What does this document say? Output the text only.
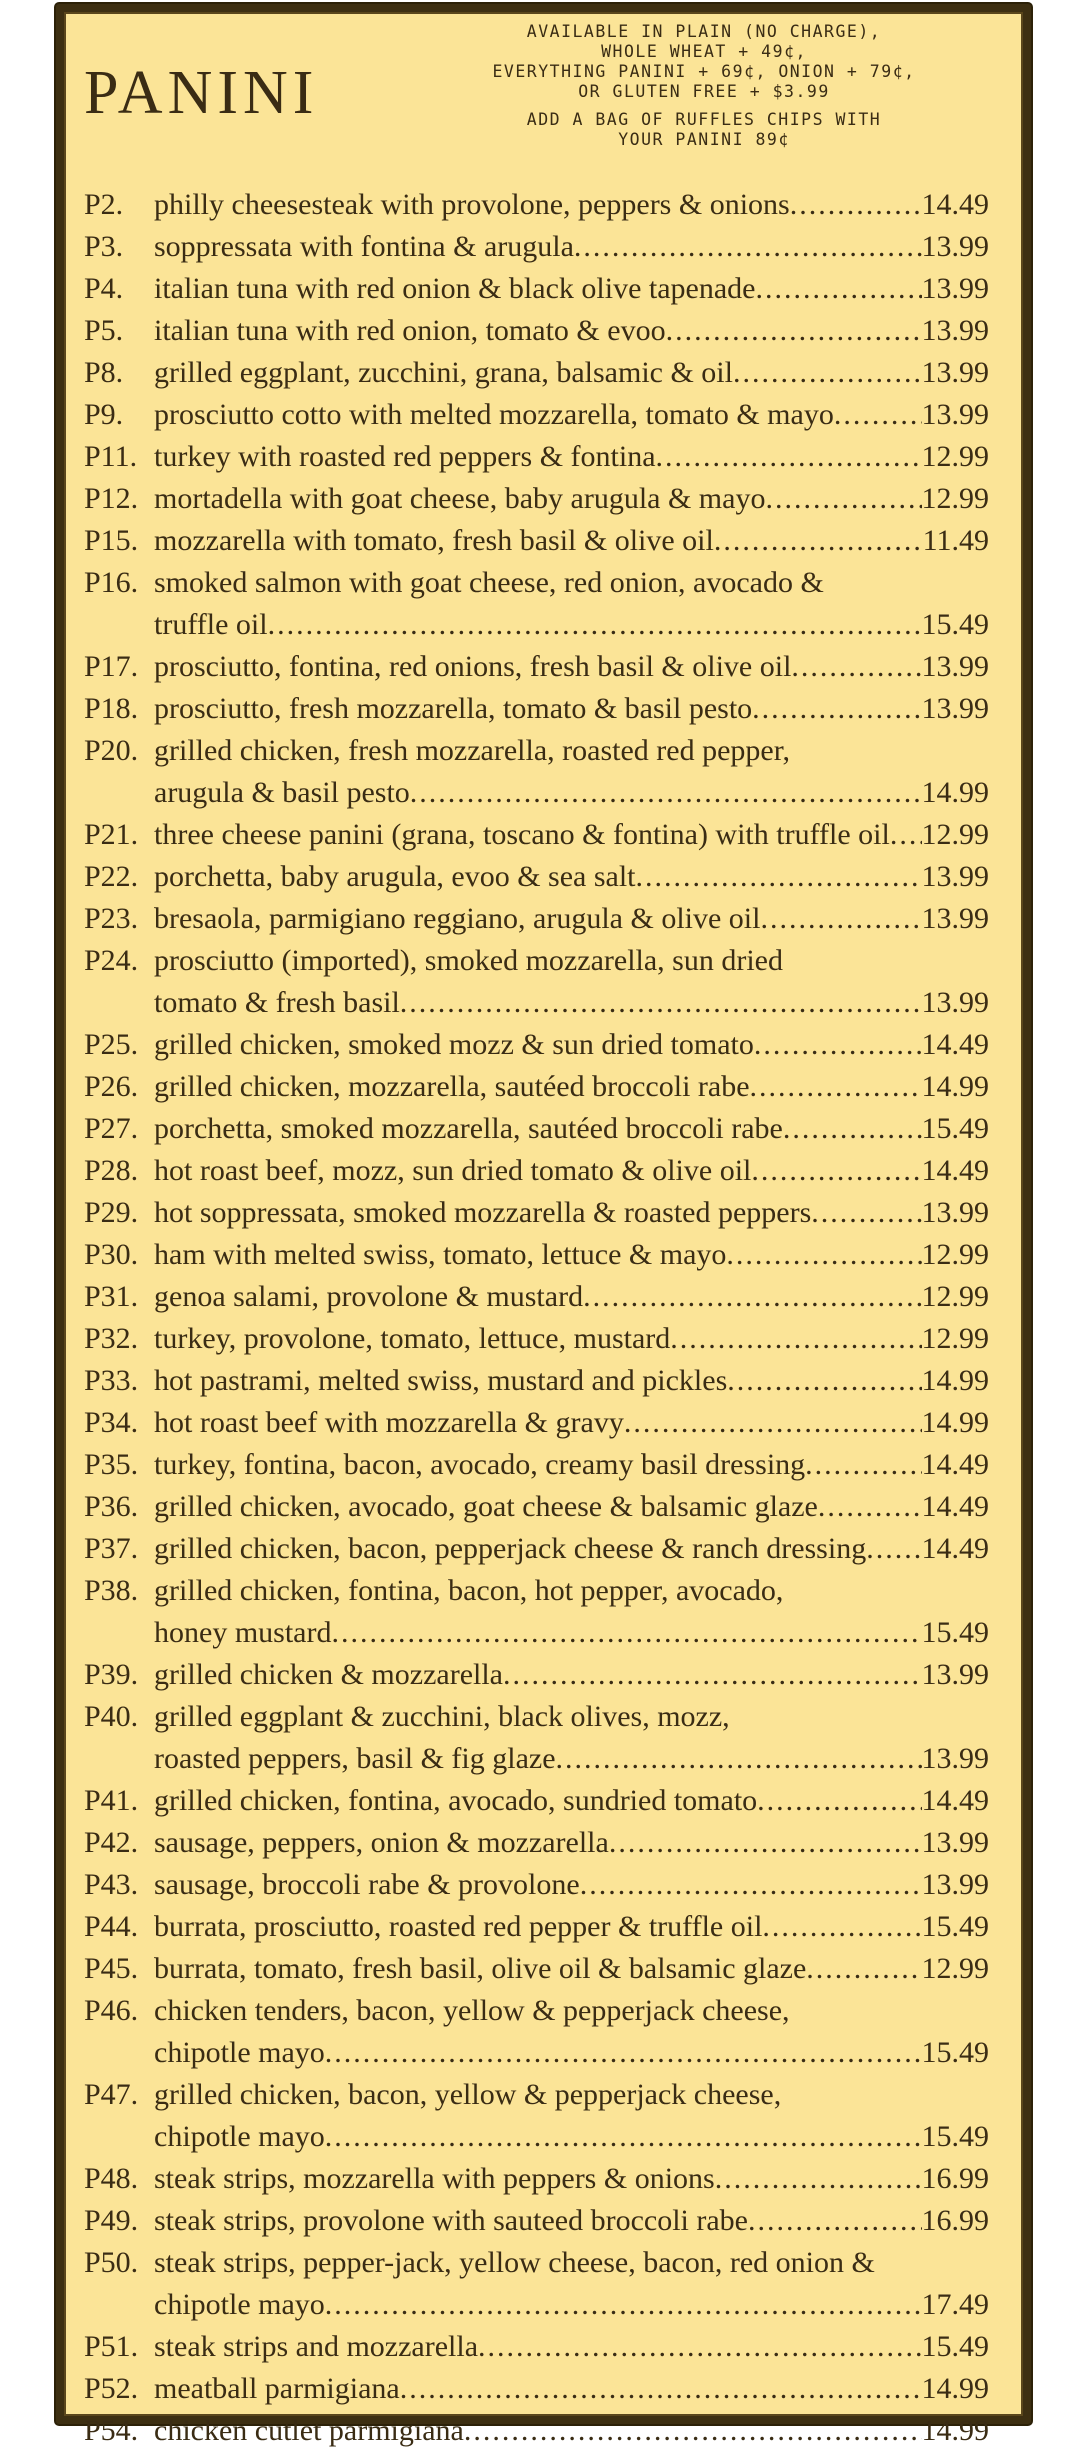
PANINI
AVAILABLE IN PLAIN (NO CHARGE),
WHOLE WHEAT + 49¢,
EVERYTHING PANINI + 69¢, ONION + 79¢,
OR GLUTEN FREE + $3.99
ADD A BAG OF RUFFLES CHIPS WITH
YOUR PANINI 89¢
P2.	philly cheesesteak with provolone, peppers & onions .....	14.49
P3.	soppressata with fontina & arugula .....	13.99
P4.	italian tuna with red onion & black olive tapenade .....	13.99
P5.	italian tuna with red onion, tomato & evoo .....	13.99
P8.	grilled eggplant, zucchini, grana, balsamic & oil .....	13.99
P9.	prosciutto cotto with melted mozzarella, tomato & mayo .....	13.99
P11. turkey with roasted red peppers & fontina .....	12.99
P12. mortadella with goat cheese, baby arugula & mayo .....	12.99
P15. mozzarella with tomato, fresh basil & olive oil .....	11.49
P16. smoked salmon with goat cheese, red onion, avocado &
truffle oil .....	15.49
P17. prosciutto, fontina, red onions, fresh basil & olive oil .....	13.99
P18. prosciutto, fresh mozzarella, tomato & basil pesto .....	13.99
P20. grilled chicken, fresh mozzarella, roasted red pepper,
arugula & basil pesto .....	14.99
P21. three cheese panini (grana, toscano & fontina) with truffle oil ..... 12.99
P22. porchetta, baby arugula, evoo & sea salt .....	13.99
P23. bresaola, parmigiano reggiano, arugula & olive oil .....	13.99
P24. prosciutto (imported), smoked mozzarella, sun dried
tomato & fresh basil .....	13.99
P25. grilled chicken, smoked mozz & sun dried tomato .....	14.49
P26. grilled chicken, mozzarella, sautéed broccoli rabe .....	14.99
P27. porchetta, smoked mozzarella, sautéed broccoli rabe .....	15.49
P28. hot roast beef, mozz, sun dried tomato & olive oil .....	14.49
P29. hot soppressata, smoked mozzarella & roasted peppers .....	13.99
P30. ham with melted swiss, tomato, lettuce & mayo .....	12.99
P31. genoa salami, provolone & mustard .....	12.99
P32. turkey, provolone, tomato, lettuce, mustard .....	12.99
P33. hot pastrami, melted swiss, mustard and pickles .....	14.99
P34. hot roast beef with mozzarella & gravy .....	14.99
P35. turkey, fontina, bacon, avocado, creamy basil dressing .....	14.49
P36. grilled chicken, avocado, goat cheese & balsamic glaze .....	14.49
P37. grilled chicken, bacon, pepperjack cheese & ranch dressing ..... 14.49
P38. grilled chicken, fontina, bacon, hot pepper, avocado,
honey mustard .....	15.49
P39. grilled chicken & mozzarella .....	13.99
P40. grilled eggplant & zucchini, black olives, mozz,
roasted peppers, basil & fig glaze .....	13.99
P41. grilled chicken, fontina, avocado, sundried tomato .....	14.49
P42. sausage, peppers, onion & mozzarella .....	13.99
P43. sausage, broccoli rabe & provolone .....	13.99
P44. burrata, prosciutto, roasted red pepper & truffle oil .....	15.49
P45. burrata, tomato, fresh basil, olive oil & balsamic glaze .....	12.99
P46. chicken tenders, bacon, yellow & pepperjack cheese,
chipotle mayo .....	15.49
P47. grilled chicken, bacon, yellow & pepperjack cheese,
chipotle mayo .....	15.49
P48. steak strips, mozzarella with peppers & onions .....	16.99
P49. steak strips, provolone with sauteed broccoli rabe .....	16.99
P50. steak strips, pepper-jack, yellow cheese, bacon, red onion &
chipotle mayo .....	17.49
P51. steak strips and mozzarella .....	15.49
P52. meatball parmigiana .....	14.99
P54. chicken cutlet parmigiana .....	14.99
